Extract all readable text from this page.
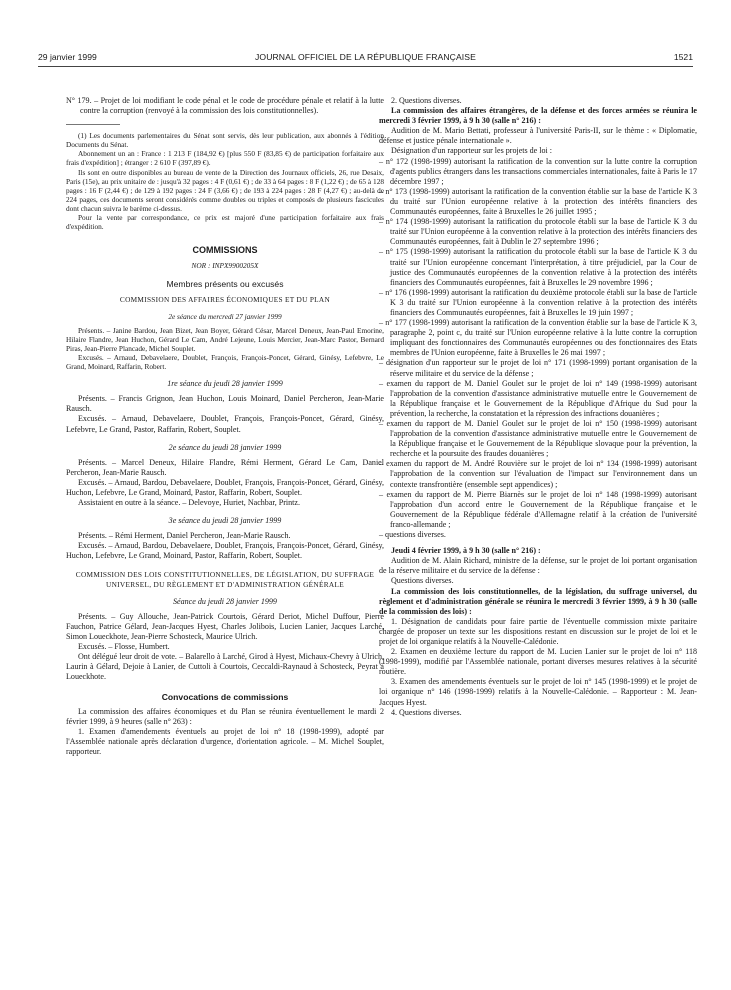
29 janvier 1999	JOURNAL OFFICIEL DE LA RÉPUBLIQUE FRANÇAISE	1521

N° 179. – Projet de loi modifiant le code pénal et le code de procédure pénale et relatif à la lutte contre la corruption (renvoyé à la commission des lois constitutionnelles).

(1) Les documents parlementaires du Sénat sont servis, dès leur publication, aux abonnés à l'édition Documents du Sénat.

Abonnement un an : France : 1 213 F (184,92 €) [plus 550 F (83,85 €) de participation forfaitaire aux frais d'expédition] ; étranger : 2 610 F (397,89 €).

Ils sont en outre disponibles au bureau de vente de la Direction des Journaux officiels, 26, rue Desaix, Paris (15e), au prix unitaire de : jusqu'à 32 pages : 4 F (0,61 €) ; de 33 à 64 pages : 8 F (1,22 €) ; de 65 à 128 pages : 16 F (2,44 €) ; de 129 à 192 pages : 24 F (3,66 €) ; de 193 à 224 pages : 28 F (4,27 €) ; au-delà de 224 pages, ces documents seront considérés comme doubles ou triples et composés de plusieurs fascicules dont chacun suivra le barème ci-dessus.

Pour la vente par correspondance, ce prix est majoré d'une participation forfaitaire aux frais d'expédition.

COMMISSIONS

NOR : INPX9900205X

Membres présents ou excusés

COMMISSION DES AFFAIRES ÉCONOMIQUES ET DU PLAN

2e séance du mercredi 27 janvier 1999

Présents. – Janine Bardou, Jean Bizet, Jean Boyer, Gérard César, Marcel Deneux, Jean-Paul Emorine, Hilaire Flandre, Jean Huchon, Gérard Le Cam, André Lejeune, Louis Mercier, Jean-Marc Pastor, Bernard Piras, Jean-Pierre Plancade, Michel Souplet.

Excusés. – Arnaud, Debavelaere, Doublet, François, François-Poncet, Gérard, Ginésy, Lefebvre, Le Grand, Moinard, Raffarin, Robert.

1re séance du jeudi 28 janvier 1999

Présents. – Francis Grignon, Jean Huchon, Louis Moinard, Daniel Percheron, Jean-Marie Rausch.

Excusés. – Arnaud, Debavelaere, Doublet, François, François-Poncet, Gérard, Ginésy, Lefebvre, Le Grand, Pastor, Raffarin, Robert, Souplet.

2e séance du jeudi 28 janvier 1999

Présents. – Marcel Deneux, Hilaire Flandre, Rémi Herment, Gérard Le Cam, Daniel Percheron, Jean-Marie Rausch.

Excusés. – Arnaud, Bardou, Debavelaere, Doublet, François, François-Poncet, Gérard, Ginésy, Huchon, Lefebvre, Le Grand, Moinard, Pastor, Raffarin, Robert, Souplet.

Assistaient en outre à la séance. – Delevoye, Huriet, Nachbar, Printz.

3e séance du jeudi 28 janvier 1999

Présents. – Rémi Herment, Daniel Percheron, Jean-Marie Rausch.

Excusés. – Arnaud, Bardou, Debavelaere, Doublet, François, François-Poncet, Gérard, Ginésy, Huchon, Lefebvre, Le Grand, Moinard, Pastor, Raffarin, Robert, Souplet.

COMMISSION DES LOIS CONSTITUTIONNELLES, DE LÉGISLATION, DU SUFFRAGE UNIVERSEL, DU RÈGLEMENT ET D'ADMINISTRATION GÉNÉRALE

Séance du jeudi 28 janvier 1999

Présents. – Guy Allouche, Jean-Patrick Courtois, Gérard Deriot, Michel Duffour, Pierre Fauchon, Patrice Gélard, Jean-Jacques Hyest, Charles Jolibois, Lucien Lanier, Jacques Larché, Simon Loueckhote, Jean-Pierre Schosteck, Maurice Ulrich.

Excusés. – Flosse, Humbert.

Ont délégué leur droit de vote. – Balarello à Larché, Girod à Hyest, Michaux-Chevry à Ulrich, Laurin à Gélard, Dejoie à Lanier, de Cuttoli à Courtois, Ceccaldi-Raynaud à Schosteck, Peyrat à Loueckhote.

Convocations de commissions

La commission des affaires économiques et du Plan se réunira éventuellement le mardi 2 février 1999, à 9 heures (salle n° 263) :

1. Examen d'amendements éventuels au projet de loi n° 18 (1998-1999), adopté par l'Assemblée nationale après déclaration d'urgence, d'orientation agricole. – M. Michel Souplet, rapporteur.

2. Questions diverses.

La commission des affaires étrangères, de la défense et des forces armées se réunira le mercredi 3 février 1999, à 9 h 30 (salle n° 216) :

Audition de M. Mario Bettati, professeur à l'université Paris-II, sur le thème : « Diplomatie, défense et justice pénale internationale ».

Désignation d'un rapporteur sur les projets de loi :

– n° 172 (1998-1999) autorisant la ratification de la convention sur la lutte contre la corruption d'agents publics étrangers dans les transactions commerciales internationales, faite à Paris le 17 décembre 1997 ;
– n° 173 (1998-1999) autorisant la ratification de la convention établie sur la base de l'article K 3 du traité sur l'Union européenne relative à la protection des intérêts financiers des Communautés européennes, faite à Bruxelles le 26 juillet 1995 ;
– n° 174 (1998-1999) autorisant la ratification du protocole établi sur la base de l'article K 3 du traité sur l'Union européenne à la convention relative à la protection des intérêts financiers des Communautés européennes, fait à Dublin le 27 septembre 1996 ;
– n° 175 (1998-1999) autorisant la ratification du protocole établi sur la base de l'article K 3 du traité sur l'Union européenne concernant l'interprétation, à titre préjudiciel, par la Cour de justice des Communautés européennes de la convention relative à la protection des intérêts financiers des Communautés européennes, fait à Bruxelles le 29 novembre 1996 ;
– n° 176 (1998-1999) autorisant la ratification du deuxième protocole établi sur la base de l'article K 3 du traité sur l'Union européenne à la convention relative à la protection des intérêts financiers des Communautés européennes, fait à Bruxelles le 19 juin 1997 ;
– n° 177 (1998-1999) autorisant la ratification de la convention établie sur la base de l'article K 3, paragraphe 2, point c, du traité sur l'Union européenne relative à la lutte contre la corruption impliquant des fonctionnaires des Communautés européennes ou des fonctionnaires des Etats membres de l'Union européenne, faite à Bruxelles le 26 mai 1997 ;
– désignation d'un rapporteur sur le projet de loi n° 171 (1998-1999) portant organisation de la réserve militaire et du service de la défense ;
– examen du rapport de M. Daniel Goulet sur le projet de loi n° 149 (1998-1999) autorisant l'approbation de la convention d'assistance administrative mutuelle entre le Gouvernement de la République française et le Gouvernement de la République d'Afrique du Sud pour la prévention, la recherche, la constatation et la répression des infractions douanières ;
– examen du rapport de M. Daniel Goulet sur le projet de loi n° 150 (1998-1999) autorisant l'approbation de la convention d'assistance administrative mutuelle entre le Gouvernement de la République française et le Gouvernement de la République slovaque pour la prévention, la recherche et la poursuite des fraudes douanières ;
– examen du rapport de M. André Rouvière sur le projet de loi n° 134 (1998-1999) autorisant l'approbation de la convention sur l'évaluation de l'impact sur l'environnement dans un contexte transfrontière (ensemble sept appendices) ;
– examen du rapport de M. Pierre Biarnès sur le projet de loi n° 148 (1998-1999) autorisant l'approbation d'un accord entre le Gouvernement de la République française et le Gouvernement de la République fédérale d'Allemagne relatif à la création de l'université franco-allemande ;
– questions diverses.

Jeudi 4 février 1999, à 9 h 30 (salle n° 216) :

Audition de M. Alain Richard, ministre de la défense, sur le projet de loi portant organisation de la réserve militaire et du service de la défense :

Questions diverses.

La commission des lois constitutionnelles, de la législation, du suffrage universel, du règlement et d'administration générale se réunira le mercredi 3 février 1999, à 9 h 30 (salle de la commission des lois) :

1. Désignation de candidats pour faire partie de l'éventuelle commission mixte paritaire chargée de proposer un texte sur les dispositions restant en discussion sur le projet de loi et le projet de loi organique relatifs à la Nouvelle-Calédonie.

2. Examen en deuxième lecture du rapport de M. Lucien Lanier sur le projet de loi n° 118 (1998-1999), modifié par l'Assemblée nationale, portant diverses mesures relatives à la sécurité routière.

3. Examen des amendements éventuels sur le projet de loi n° 145 (1998-1999) et le projet de loi organique n° 146 (1998-1999) relatifs à la Nouvelle-Calédonie. – Rapporteur : M. Jean-Jacques Hyest.

4. Questions diverses.
